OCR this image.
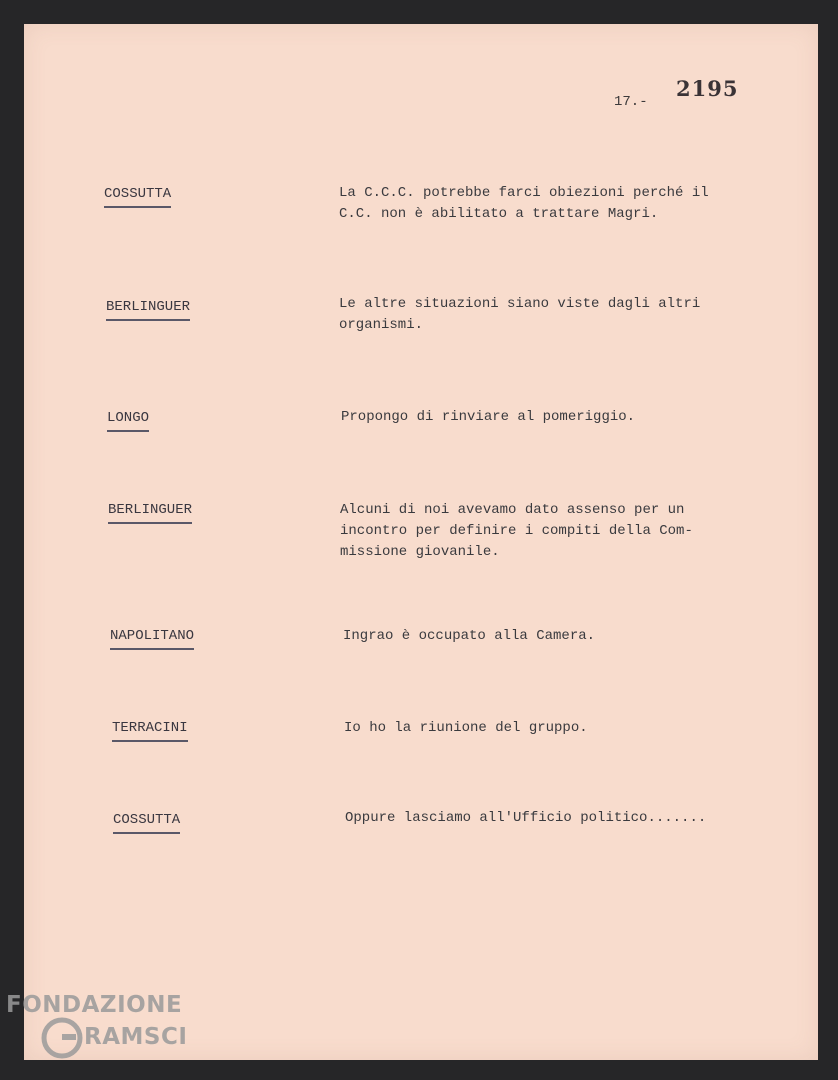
17.-
2195
COSSUTTA	La C.C.C. potrebbe farci obiezioni perché il
C.C. non è abilitato a trattare Magri.
BERLINGUER	Le altre situazioni siano viste dagli altri
organismi.
LONGO	Propongo di rinviare al pomeriggio.
BERLINGUER	Alcuni di noi avevamo dato assenso per un
incontro per definire i compiti della Com-
missione giovanile.
NAPOLITANO	Ingrao è occupato alla Camera.
TERRACINI	Io ho la riunione del gruppo.
COSSUTTA	Oppure lasciamo all'Ufficio politico.......
FONDAZIONE
RAMSCI
